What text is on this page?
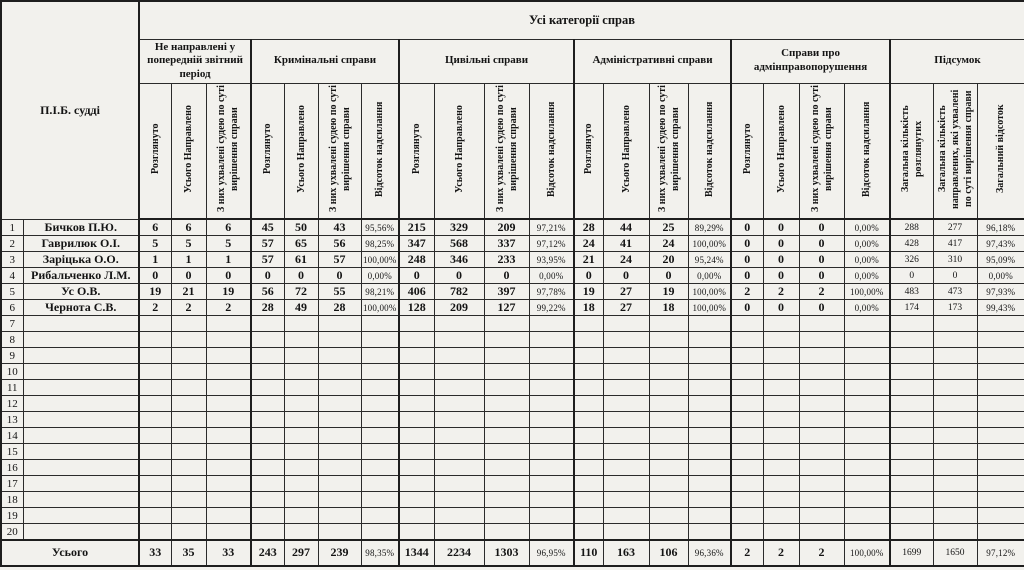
П.І.Б. судді		Усі категорії справ																					
		Не направлені у попередній звітний період			Кримінальні справи				Цивільні справи				Адміністративні справи				Справи про адмінправопорушення				Підсумок		
		Розглянуто	Усього Направлено	З них ухвалені судею по суті вирішення справи	Розглянуто	Усього Направлено	З них ухвалені судею по суті вирішення справи	Відсоток надсилання	Розглянуто	Усього Направлено	З них ухвалені судею по суті вирішення справи	Відсоток надсилання	Розглянуто	Усього Направлено	З них ухвалені судею по суті вирішення справи	Відсоток надсилання	Розглянуто	Усього Направлено	З них ухвалені судею по суті вирішення справи	Відсоток надсилання	Загальна кількість розглянутих	Загальна кількість направлених, які ухвалені по суті вирішення справи	Загальний відсоток
1	Бичков П.Ю.	6	6	6	45	50	43	95,56%	215	329	209	97,21%	28	44	25	89,29%	0	0	0	0,00%	288	277	96,18%
2	Гаврилюк О.І.	5	5	5	57	65	56	98,25%	347	568	337	97,12%	24	41	24	100,00%	0	0	0	0,00%	428	417	97,43%
3	Заріцька О.О.	1	1	1	57	61	57	100,00%	248	346	233	93,95%	21	24	20	95,24%	0	0	0	0,00%	326	310	95,09%
4	Рибальченко Л.М.	0	0	0	0	0	0	0,00%	0	0	0	0,00%	0	0	0	0,00%	0	0	0	0,00%	0	0	0,00%
5	Ус О.В.	19	21	19	56	72	55	98,21%	406	782	397	97,78%	19	27	19	100,00%	2	2	2	100,00%	483	473	97,93%
6	Чернота С.В.	2	2	2	28	49	28	100,00%	128	209	127	99,22%	18	27	18	100,00%	0	0	0	0,00%	174	173	99,43%
7																							
8																							
9																							
10																							
11																							
12																							
13																							
14																							
15																							
16																							
17																							
18																							
19																							
20																							
Усього		33	35	33	243	297	239	98,35%	1344	2234	1303	96,95%	110	163	106	96,36%	2	2	2	100,00%	1699	1650	97,12%
